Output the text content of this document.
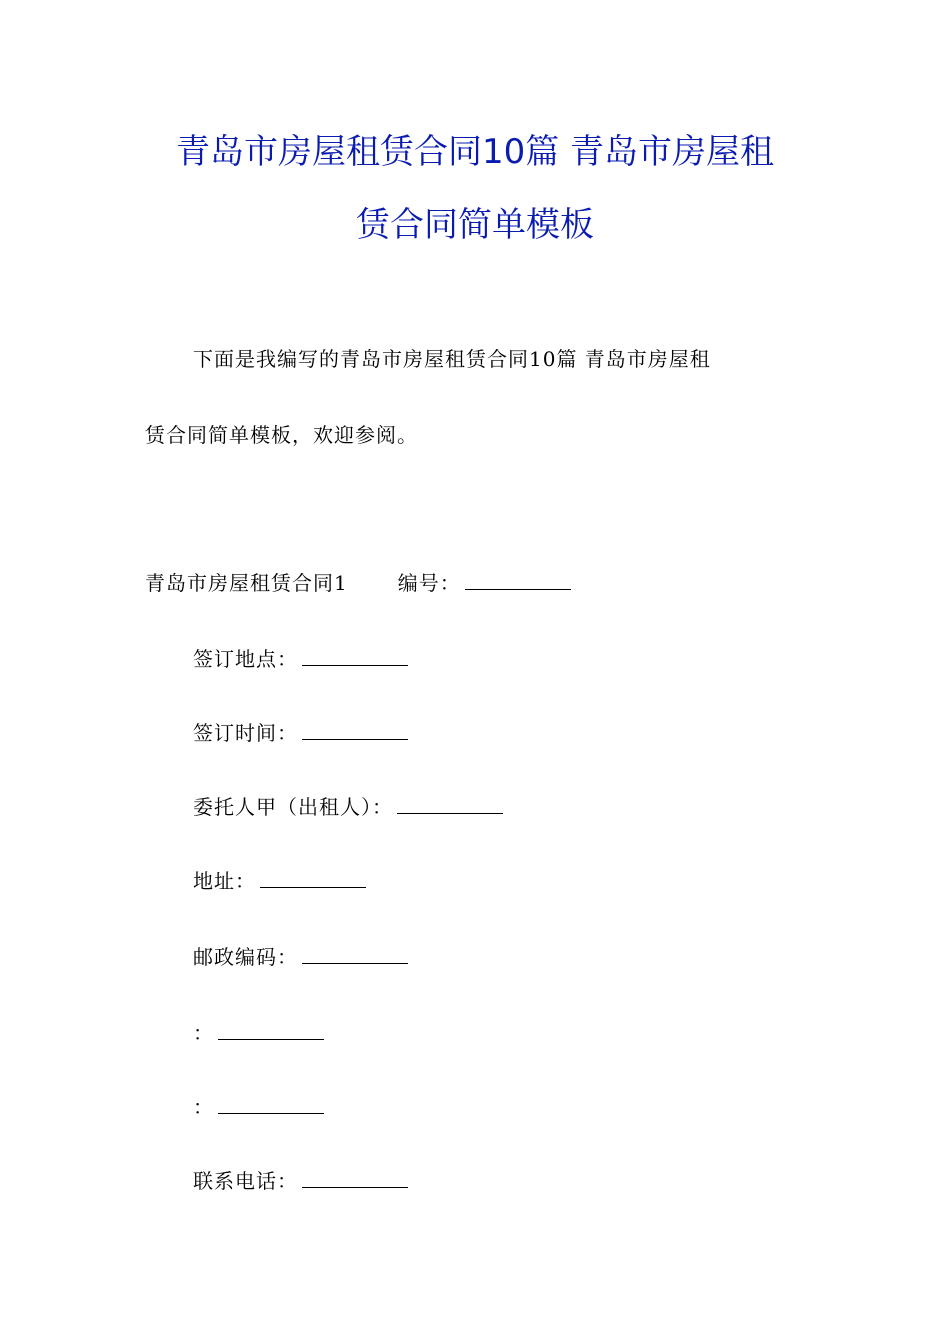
青岛市房屋租赁合同10篇 青岛市房屋租
赁合同简单模板
下面是我编写的青岛市房屋租赁合同10篇 青岛市房屋租
赁合同简单模板，欢迎参阅。
青岛市房屋租赁合同1	编号：
签订地点：
签订时间：
委托人甲（出租人）：
地址：
邮政编码：
：
：
联系电话：
